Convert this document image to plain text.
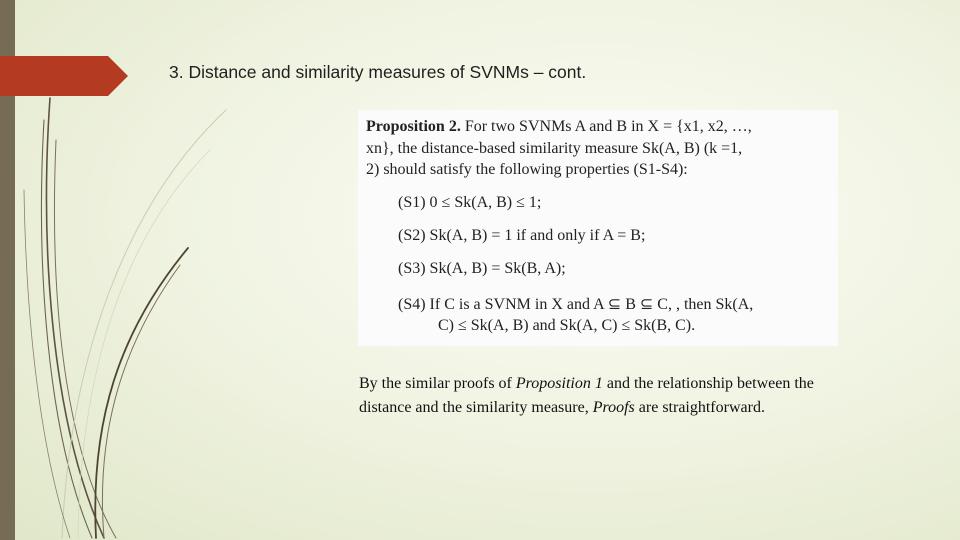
3. Distance and similarity measures of SVNMs – cont.
Proposition 2. For two SVNMs A and B in X = {x1, x2, …,
xn}, the distance-based similarity measure Sk(A, B) (k =1,
2) should satisfy the following properties (S1-S4):
(S1) 0 ≤ Sk(A, B) ≤ 1;
(S2) Sk(A, B) = 1 if and only if A = B;
(S3) Sk(A, B) = Sk(B, A);
(S4) If C is a SVNM in X and A ⊆ B ⊆ C, , then Sk(A,
C) ≤ Sk(A, B) and Sk(A, C) ≤ Sk(B, C).
By the similar proofs of Proposition 1 and the relationship between the distance and the similarity measure, Proofs are straightforward.
